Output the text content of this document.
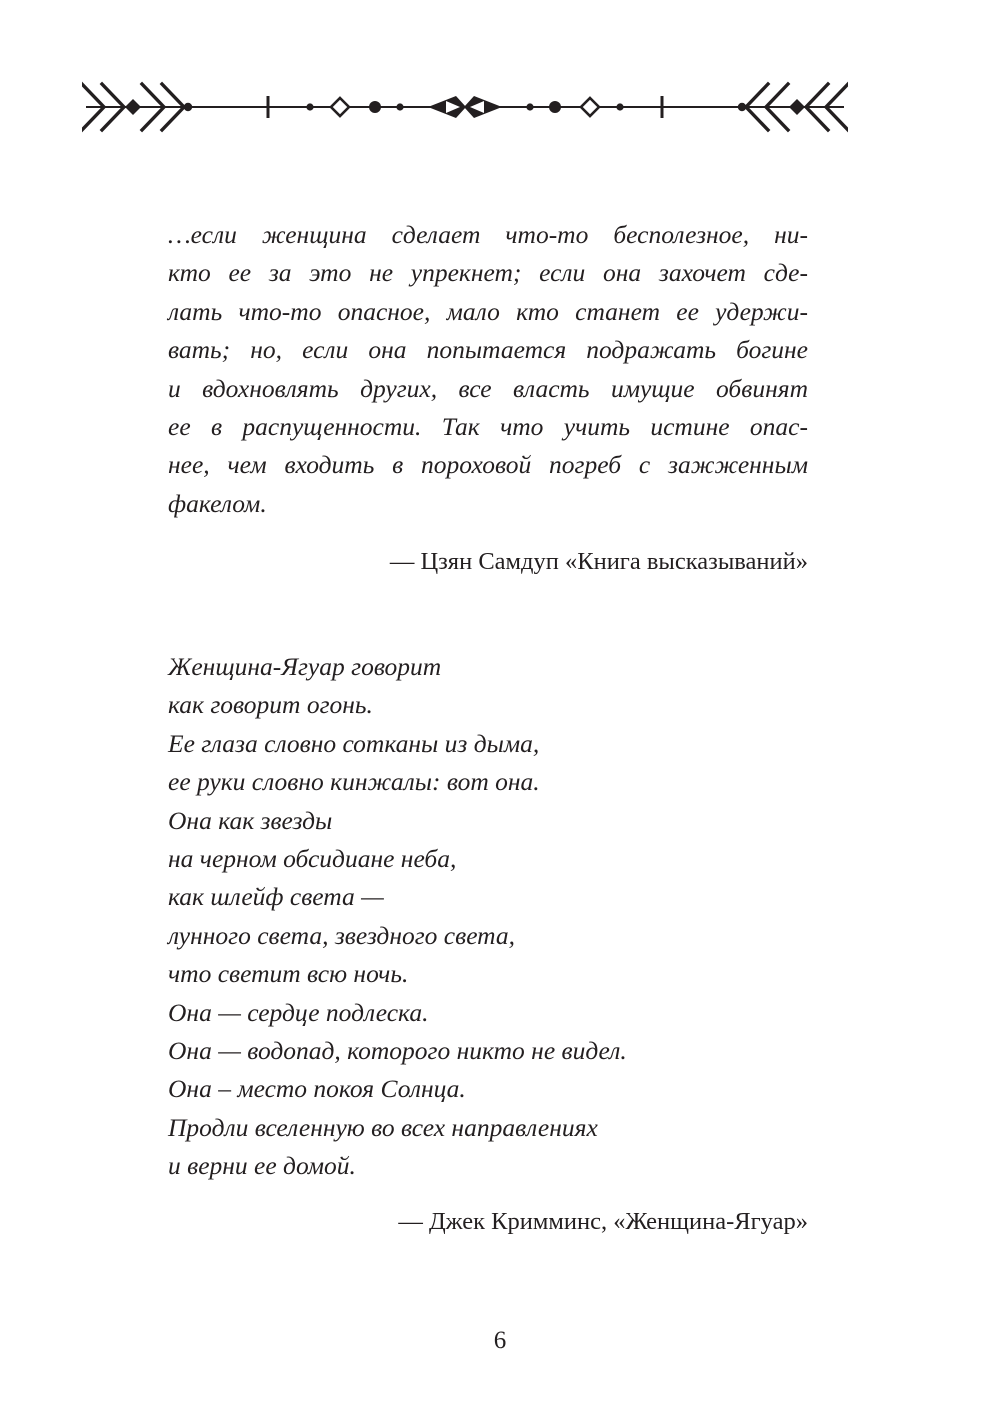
…если женщина сделает что-то бесполезное, ни-
кто ее за это не упрекнет; если она захочет сде-
лать что-то опасное, мало кто станет ее удержи-
вать; но, если она попытается подражать богине
и вдохновлять других, все власть имущие обвинят
ее в распущенности. Так что учить истине опас-
нее, чем входить в пороховой погреб с зажженным
факелом.
— Цзян Самдуп «Книга высказываний»
Женщина-Ягуар говорит
как говорит огонь.
Ее глаза словно сотканы из дыма,
ее руки словно кинжалы: вот она.
Она как звезды
на черном обсидиане неба,
как шлейф света —
лунного света, звездного света,
что светит всю ночь.
Она — сердце подлеска.
Она — водопад, которого никто не видел.
Она – место покоя Солнца.
Продли вселенную во всех направлениях
и верни ее домой.
— Джек Кримминс, «Женщина-Ягуар»
6
